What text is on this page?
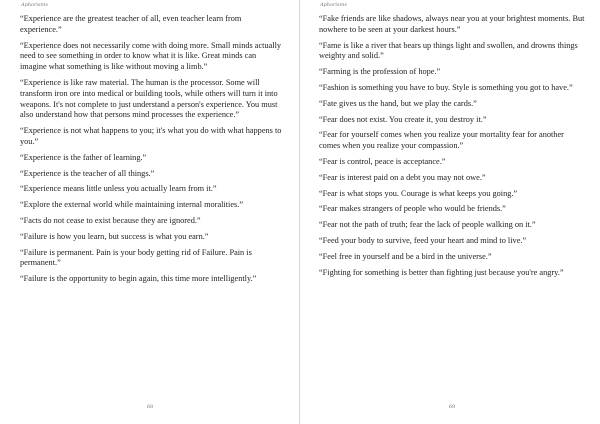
Aphorisms

“Experience are the greatest teacher of all, even teacher learn from experience.”

“Experience does not necessarily come with doing more. Small minds actually need to see something in order to know what it is like. Great minds can imagine what something is like without moving a limb.”

“Experience is like raw material. The human is the processor. Some will transform iron ore into medical or building tools, while others will turn it into weapons. It's not complete to just understand a person's experience. You must also understand how that persons mind processes the experience.”

“Experience is not what happens to you; it's what you do with what happens to you.”

“Experience is the father of learning.”

“Experience is the teacher of all things.”

“Experience means little unless you actually learn from it.”

“Explore the external world while maintaining internal moralities.”

“Facts do not cease to exist because they are ignored.”

“Failure is how you learn, but success is what you earn.”

“Failure is permanent. Pain is your body getting rid of Failure. Pain is permanent.”

“Failure is the opportunity to begin again, this time more intelligently.”

68
Aphorisms

“Fake friends are like shadows, always near you at your brightest moments. But nowhere to be seen at your darkest hours.”

“Fame is like a river that bears up things light and swollen, and drowns things weighty and solid.”

“Farming is the profession of hope.”

“Fashion is something you have to buy. Style is something you got to have.”

“Fate gives us the hand, but we play the cards.”

“Fear does not exist. You create it, you destroy it.”

“Fear for yourself comes when you realize your mortality fear for another comes when you realize your compassion.”

“Fear is control, peace is acceptance.”

“Fear is interest paid on a debt you may not owe.”

“Fear is what stops you. Courage is what keeps you going.”

“Fear makes strangers of people who would be friends.”

“Fear not the path of truth; fear the lack of people walking on it.”

“Feed your body to survive, feed your heart and mind to live.”

“Feel free in yourself and be a bird in the universe.”

“Fighting for something is better than fighting just because you're angry.”

69
